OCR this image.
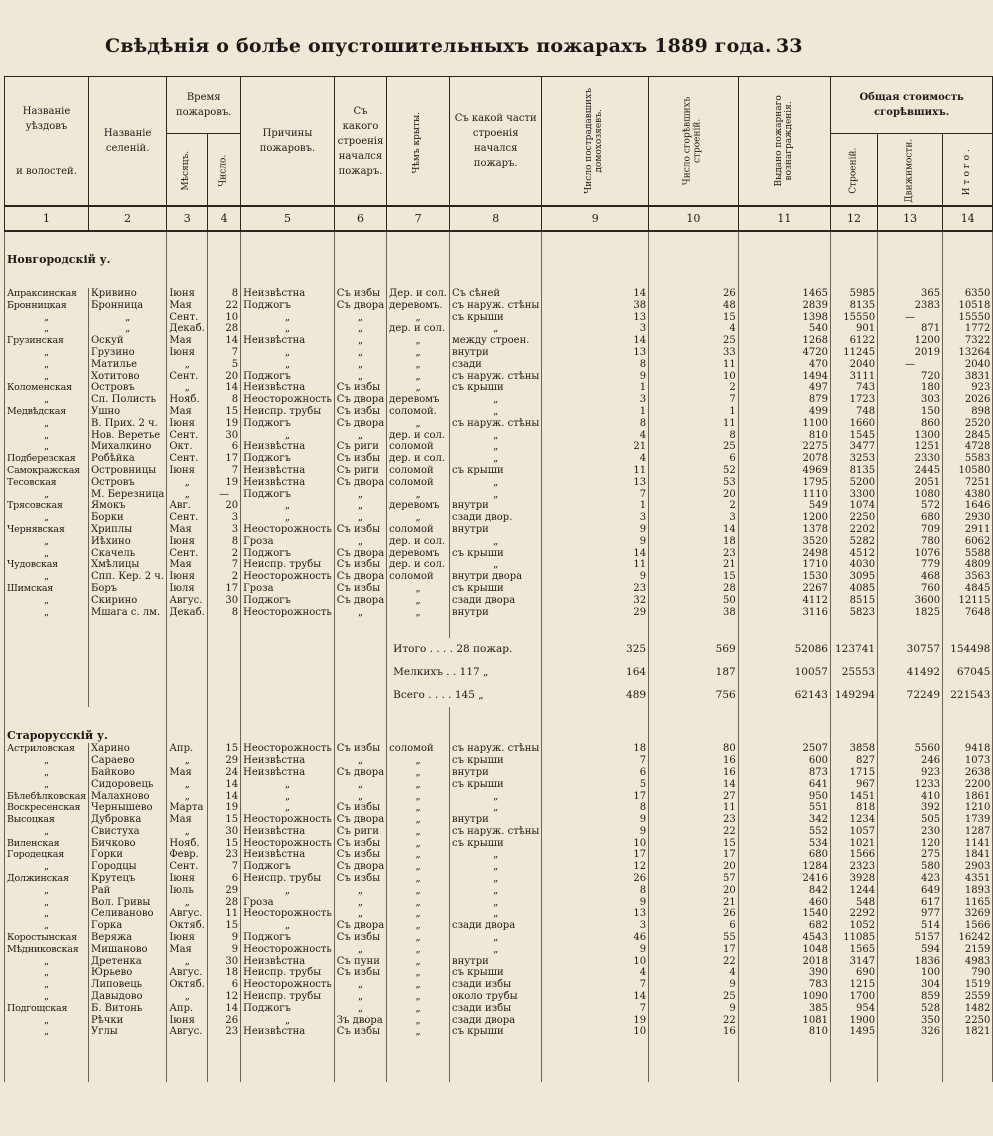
Свѣдѣнія о болѣе опустошительныхъ пожарахъ 1889 года. 33
Названіе уѣздовъ

и волостей.	Названіе селеній.	Время пожаровъ.		Причины пожаровъ.	Съ какого строенія начался пожаръ.	Чѣмъ крыты.	Съ какой части строенія начался пожаръ.	Число пострадавшихъ
домохозяевъ.	Число сгорѣвшихъ
строеній.	Выдано пожарнаго
вознагражденія.	Общая стоимость сгорѣвшихъ.		
		Мѣсяцъ.	Число.								Строеній.	Движимости.	Итого.
1	2	3	4	5	6	7	8	9	10	11	12	13	14
Новгородскій у.													
Апраксинская	Кривино	Іюня	8	Неизвѣстна	Съ избы	Дер. и сол.	Съ сѣней	14	26	1465	5985	365	6350
Бронницкая	Бронница	Мая	22	Поджогъ	Съ двора	деревомъ.	съ наруж. стѣны	38	48	2839	8135	2383	10518
„	„	Сент.	10	„	„	„	съ крыши	13	15	1398	15550	—	15550
„	„	Декаб.	28	„	„	дер. и сол.	„	3	4	540	901	871	1772
Грузинская	Оскуй	Мая	14	Неизвѣстна	„	„	между строен.	14	25	1268	6122	1200	7322
„	Грузино	Іюня	7	„	„	„	внутри	13	33	4720	11245	2019	13264
„	Матилье	„	5	„	„	„	сзади	8	11	470	2040	—	2040
„	Хотитово	Сент.	20	Поджогъ	„	„	съ наруж. стѣны	9	10	1494	3111	720	3831
Коломенская	Островъ	„	14	Неизвѣстна	Съ избы	„	съ крыши	1	2	497	743	180	923
„	Сп. Полисть	Нояб.	8	Неосторожность	Съ двора	деревомъ	„	3	7	879	1723	303	2026
Медвѣдская	Ушно	Мая	15	Неиспр. трубы	Съ избы	соломой.	„	1	1	499	748	150	898
„	В. Прих. 2 ч.	Іюня	19	Поджогъ	Съ двора	„	съ наруж. стѣны	8	11	1100	1660	860	2520
„	Нов. Веретье	Сент.	30	„	„	дер. и сол.	„	4	8	810	1545	1300	2845
„	Михалкино	Окт.	6	Неизвѣстна	Съ риги	соломой	„	21	25	2275	3477	1251	4728
Подберезская	Робѣйка	Сент.	17	Поджогъ	Съ избы	дер. и сол.	„	4	6	2078	3253	2330	5583
Самокражская	Островницы	Іюня	7	Неизвѣстна	Съ риги	соломой	съ крыши	11	52	4969	8135	2445	10580
Тесовская	Островъ	„	19	Неизвѣстна	Съ двора	соломой	„	13	53	1795	5200	2051	7251
„	М. Березница	„	—	Поджогъ	„	„	„	7	20	1110	3300	1080	4380
Трясовская	Ямокъ	Авг.	20	„	„	деревомъ	внутри	1	2	549	1074	572	1646
„	Борки	Сент.	3	„	„	„	сзади двор.	3	3	1200	2250	680	2930
Чернявская	Хриплы	Мая	3	Неосторожность	Съ избы	соломой	внутри	9	14	1378	2202	709	2911
„	Иѣхино	Іюня	8	Гроза	„	дер. и сол.	„	9	18	3520	5282	780	6062
„	Скачель	Сент.	2	Поджогъ	Съ двора	деревомъ	съ крыши	14	23	2498	4512	1076	5588
Чудовская	Хмѣлицы	Мая	7	Неиспр. трубы	Съ избы	дер. и сол.	„	11	21	1710	4030	779	4809
„	Спп. Кер. 2 ч.	Іюня	2	Неосторожность	Съ двора	соломой	внутри двора	9	15	1530	3095	468	3563
Шимская	Боръ	Іюля	17	Гроза	Съ избы	„	съ крыши	23	28	2267	4085	760	4845
„	Скирино	Авгус.	30	Поджогъ	Съ двора	„	сзади двора	32	50	4112	8515	3600	12115
„	Мшага с. лм.	Декаб.	8	Неосторожность	„	„	внутри	29	38	3116	5823	1825	7648

						Итого . . . . 28 пожар.		325	569	52086	123741	30757	154498
						Мелкихъ . . 117 „		164	187	10057	25553	41492	67045
						Всего . . . . 145 „		489	756	62143	149294	72249	221543
Старорусскій у.													
Астриловская	Харино	Апр.	15	Неосторожность	Съ избы	соломой	съ наруж. стѣны	18	80	2507	3858	5560	9418
„	Сараево	„	29	Неизвѣстна	„	„	съ крыши	7	16	600	827	246	1073
„	Байково	Мая	24	Неизвѣстна	Съ двора	„	внутри	6	16	873	1715	923	2638
„	Сидоровець	„	14	„	„	„	съ крыши	5	14	641	967	1233	2200
Бѣлебѣлковская	Малахново	„	14	„	„	„	„	17	27	950	1451	410	1861
Воскресенская	Чернышево	Марта	19	„	Съ избы	„	„	8	11	551	818	392	1210
Высоцкая	Дубровка	Мая	15	Неосторожность	Съ двора	„	внутри	9	23	342	1234	505	1739
„	Свистуха	„	30	Неизвѣстна	Съ риги	„	съ наруж. стѣны	9	22	552	1057	230	1287
Виленская	Бичково	Нояб.	15	Неосторожность	Съ избы	„	съ крыши	10	15	534	1021	120	1141
Городецкая	Горки	Февр.	23	Неизвѣстна	Съ избы	„	„	17	17	680	1566	275	1841
„	Городцы	Сент.	7	Поджогъ	Съ двора	„	„	12	20	1284	2323	580	2903
Должинская	Крутецъ	Іюня	6	Неиспр. трубы	Съ избы	„	„	26	57	2416	3928	423	4351
„	Рай	Іюль	29	„	„	„	„	8	20	842	1244	649	1893
„	Вол. Гривы	„	28	Гроза	„	„	„	9	21	460	548	617	1165
„	Селиваново	Авгус.	11	Неосторожность	„	„	„	13	26	1540	2292	977	3269
„	Горка	Октяб.	15	„	Съ двора	„	сзади двора	3	6	682	1052	514	1566
Коростынская	Веряжа	Іюня	9	Поджогъ	Съ избы	„	„	46	55	4543	11085	5157	16242
Мѣдниковская	Мишаново	Мая	9	Неосторожность	„	„	„	9	17	1048	1565	594	2159
„	Дретенка	„	30	Неизвѣстна	Съ пуни	„	внутри	10	22	2018	3147	1836	4983
„	Юрьево	Авгус.	18	Неиспр. трубы	Съ избы	„	съ крыши	4	4	390	690	100	790
„	Липовець	Октяб.	6	Неосторожность	„	„	сзади избы	7	9	783	1215	304	1519
„	Давыдово	„	12	Неиспр. трубы	„	„	около трубы	14	25	1090	1700	859	2559
Подгощская	Б. Витонь	Апр.	14	Поджогъ	„	„	сзади избы	7	9	385	954	528	1482
„	Рѣчки	Іюня	26	„	Зъ двора	„	сзади двора	19	22	1081	1900	350	2250
„	Углы	Авгус.	23	Неизвѣстна	Съ избы	„	съ крыши	10	16	810	1495	326	1821
